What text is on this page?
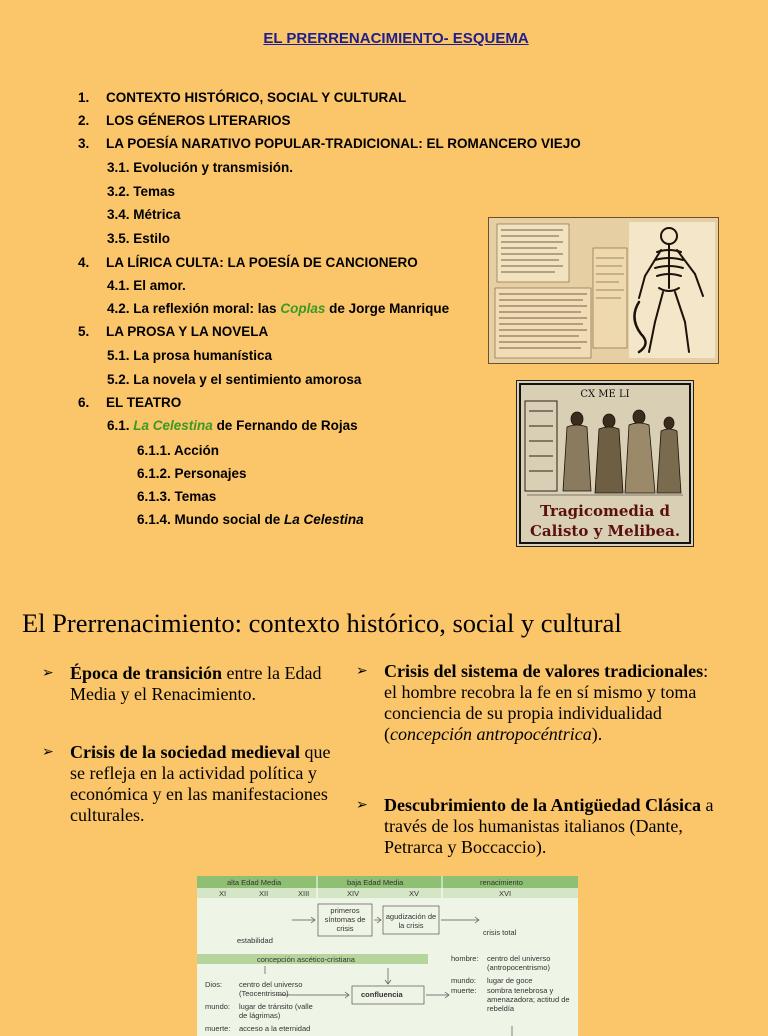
EL PRERRENACIMIENTO- ESQUEMA
1. CONTEXTO HISTÓRICO, SOCIAL Y CULTURAL
2. LOS GÉNEROS LITERARIOS
3. LA POESÍA NARATIVO POPULAR-TRADICIONAL: EL ROMANCERO VIEJO
3.1. Evolución y transmisión.
3.2. Temas
3.4. Métrica
3.5. Estilo
4. LA LÍRICA CULTA: LA POESÍA DE CANCIONERO
4.1. El amor.
4.2. La reflexión moral: las Coplas de Jorge Manrique
5. LA PROSA Y LA NOVELA
5.1. La prosa humanística
5.2. La novela y el sentimiento amorosa
6. EL TEATRO
6.1. La Celestina de Fernando de Rojas
6.1.1. Acción
6.1.2. Personajes
6.1.3. Temas
6.1.4. Mundo social de La Celestina
CX ME LI
Tragicomedia d
Calisto y Melibea.
El Prerrenacimiento: contexto histórico, social y cultural
➢ Época de transición entre la Edad Media y el Renacimiento.
➢ Crisis de la sociedad medieval que se refleja en la actividad política y económica y en las manifestaciones culturales.
➢ Crisis del sistema de valores tradicionales: el hombre recobra la fe en sí mismo y toma conciencia de su propia individualidad (concepción antropocéntrica).
➢ Descubrimiento de la Antigüedad Clásica a través de los humanistas italianos (Dante, Petrarca y Boccaccio).
alta Edad Media	baja Edad Media	renacimiento
XI	XII	XIII	XIV	XV	XVI
estabilidad
primeros síntomas de crisis
agudización de la crisis
crisis total
concepción ascético-cristiana
Dios:
mundo:
muerte:
centro del universo (Teocentrismo)
lugar de tránsito (valle de lágrimas)
acceso a la eternidad
confluencia
hombre:
mundo:
muerte:
centro del universo (antropocentrismo)
lugar de goce
sombra tenebrosa y amenazadora; actitud de rebeldía
